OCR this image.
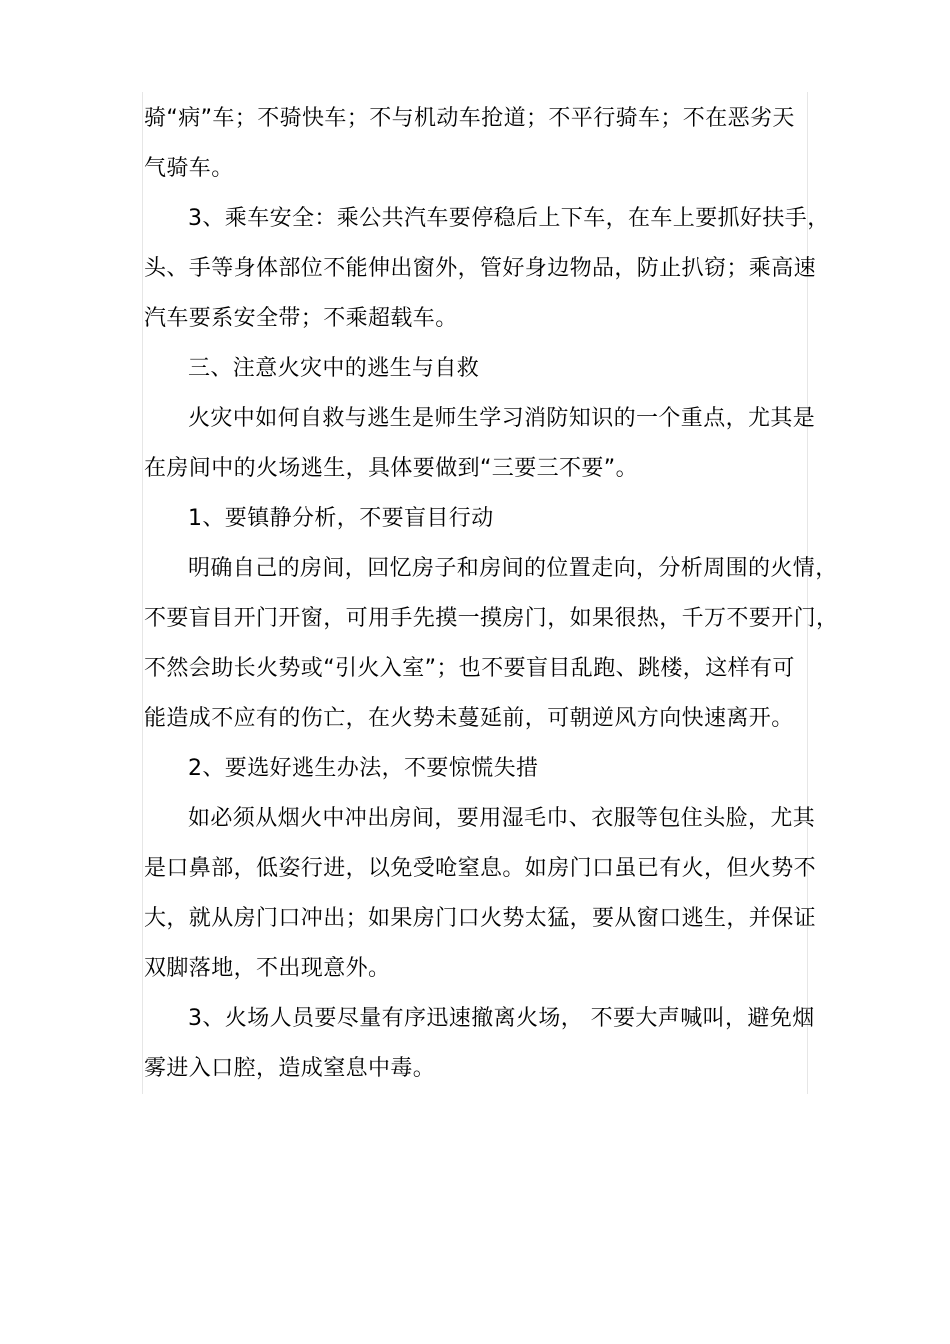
骑“病”车；不骑快车；不与机动车抢道；不平行骑车；不在恶劣天
气骑车。
3、乘车安全：乘公共汽车要停稳后上下车，在车上要抓好扶手，
头、手等身体部位不能伸出窗外，管好身边物品，防止扒窃；乘高速
汽车要系安全带；不乘超载车。
三、注意火灾中的逃生与自救
火灾中如何自救与逃生是师生学习消防知识的一个重点，尤其是
在房间中的火场逃生，具体要做到“三要三不要”。
1、要镇静分析，不要盲目行动
明确自己的房间，回忆房子和房间的位置走向，分析周围的火情，
不要盲目开门开窗，可用手先摸一摸房门，如果很热，千万不要开门，
不然会助长火势或“引火入室”；也不要盲目乱跑、跳楼，这样有可
能造成不应有的伤亡，在火势未蔓延前，可朝逆风方向快速离开。
2、要选好逃生办法，不要惊慌失措
如必须从烟火中冲出房间，要用湿毛巾、衣服等包住头脸，尤其
是口鼻部，低姿行进，以免受呛窒息。如房门口虽已有火，但火势不
大，就从房门口冲出；如果房门口火势太猛，要从窗口逃生，并保证
双脚落地，不出现意外。
3、火场人员要尽量有序迅速撤离火场， 不要大声喊叫，避免烟
雾进入口腔，造成窒息中毒。
